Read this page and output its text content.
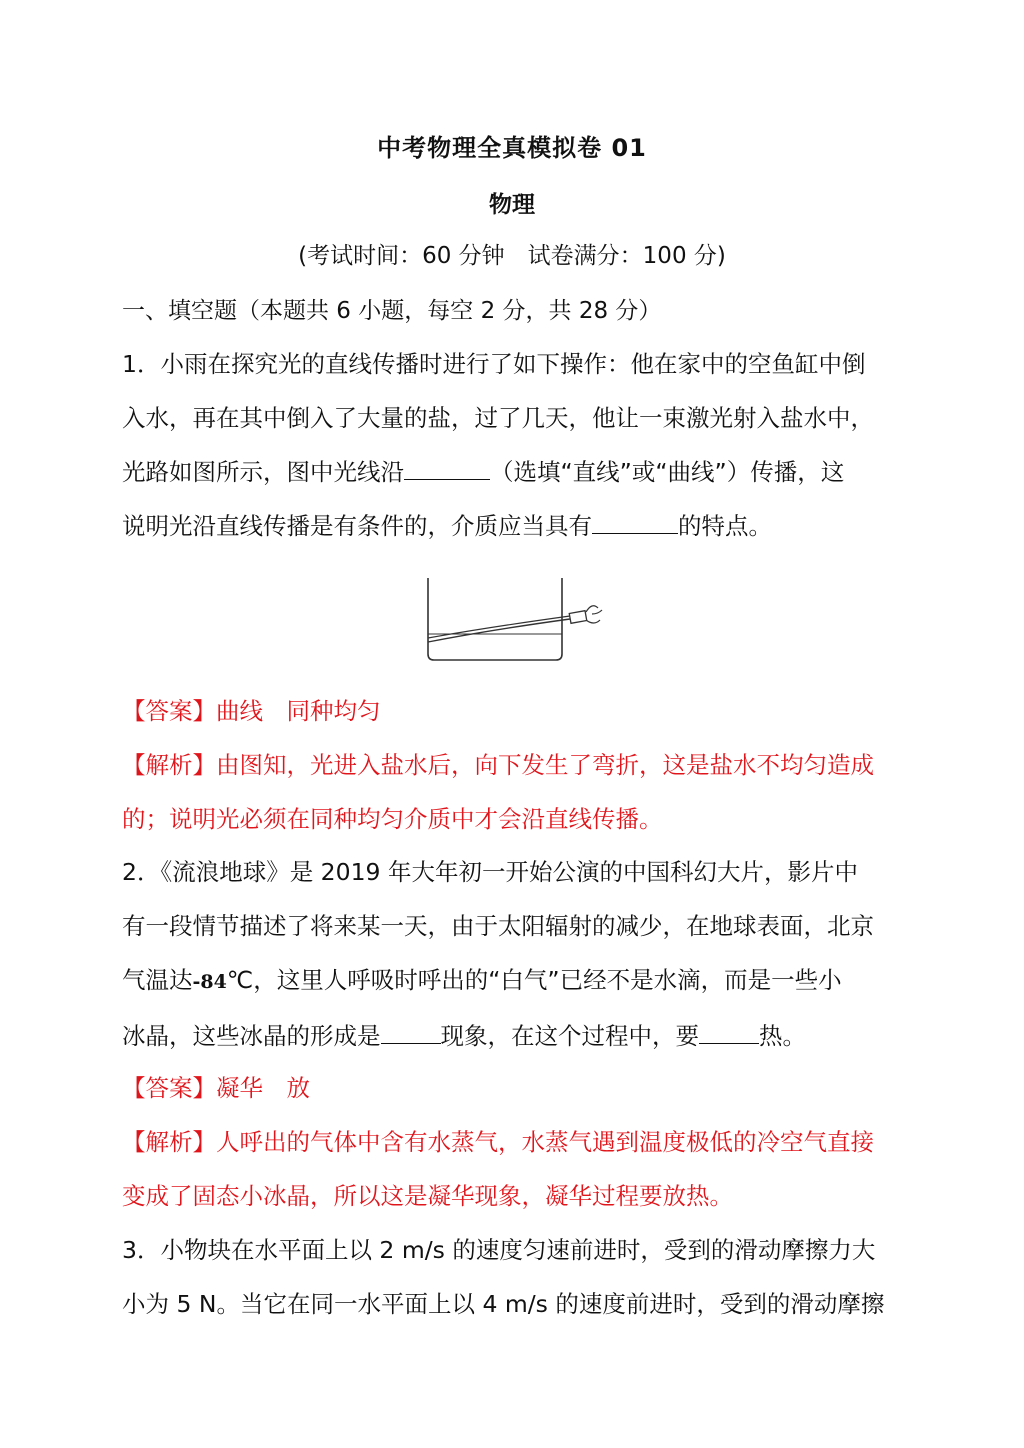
中考物理全真模拟卷 01
物理
(考试时间：60 分钟　试卷满分：100 分)
一、填空题（本题共 6 小题，每空 2 分，共 28 分）
1．小雨在探究光的直线传播时进行了如下操作：他在家中的空鱼缸中倒
入水，再在其中倒入了大量的盐，过了几天，他让一束激光射入盐水中，
光路如图所示，图中光线沿	（选填“直线”或“曲线”）传播，这
说明光沿直线传播是有条件的，介质应当具有	的特点。
【答案】曲线　同种均匀
【解析】由图知，光进入盐水后，向下发生了弯折，这是盐水不均匀造成
的；说明光必须在同种均匀介质中才会沿直线传播。
2．《流浪地球》是 2019 年大年初一开始公演的中国科幻大片，影片中
有一段情节描述了将来某一天，由于太阳辐射的减少，在地球表面，北京
气温达-84℃，这里人呼吸时呼出的“白气”已经不是水滴，而是一些小
冰晶，这些冰晶的形成是	现象，在这个过程中，要	热。
【答案】凝华　放
【解析】人呼出的气体中含有水蒸气，水蒸气遇到温度极低的冷空气直接
变成了固态小冰晶，所以这是凝华现象，凝华过程要放热。
3．小物块在水平面上以 2 m/s 的速度匀速前进时，受到的滑动摩擦力大
小为 5 N。当它在同一水平面上以 4 m/s 的速度前进时，受到的滑动摩擦
